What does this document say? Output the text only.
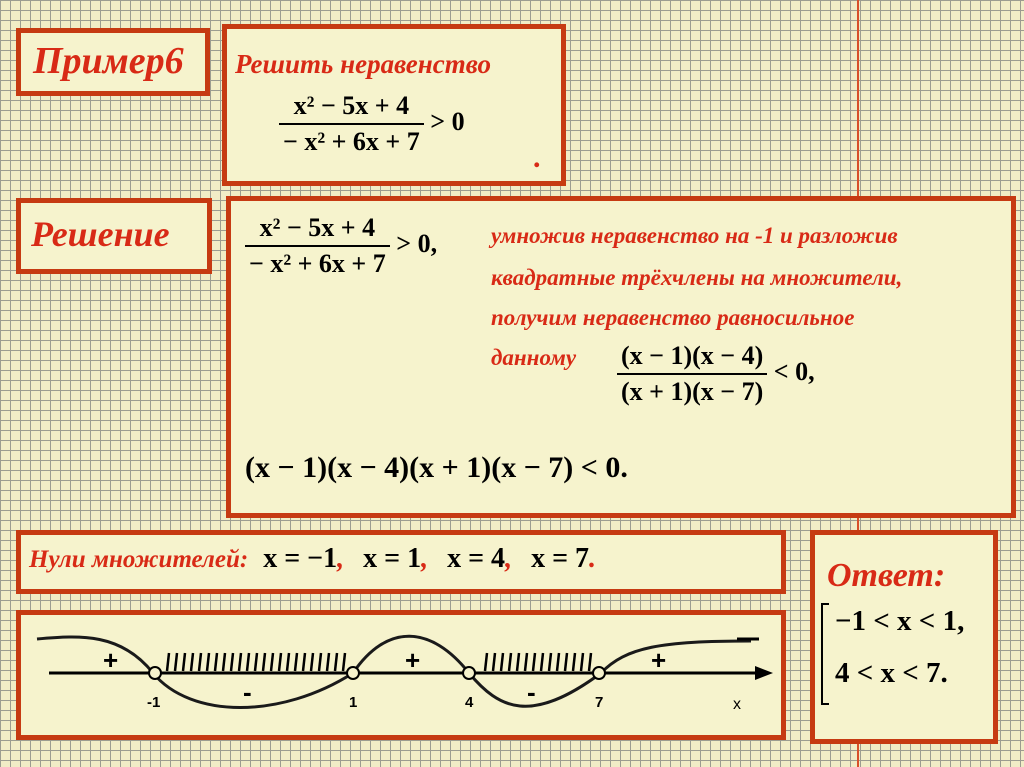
Пример6 Решить неравенство
$\frac{\text{x² − 5x + 4}}{\text{− x² + 6x + 7}} > 0$
.
Решение	$\frac{\text{x² − 5x + 4}}{\text{− x² + 6x + 7}} > 0$, умножив неравенство на -1 и разложив
квадратные трёхчлены на множители,
получим неравенство равносильное
данному $\frac{(x - 1)(x - 4)}{(x + 1)(x - 7)} < 0$,
(x − 1)(x − 4)(x + 1)(x − 7) < 0.
Нули множителей: x = −1, x = 1, x = 4, x = 7.	Ответ:
−1 < x < 1,
4 < x < 7.
-1	1	4	7	x
+
-
+
-
+
